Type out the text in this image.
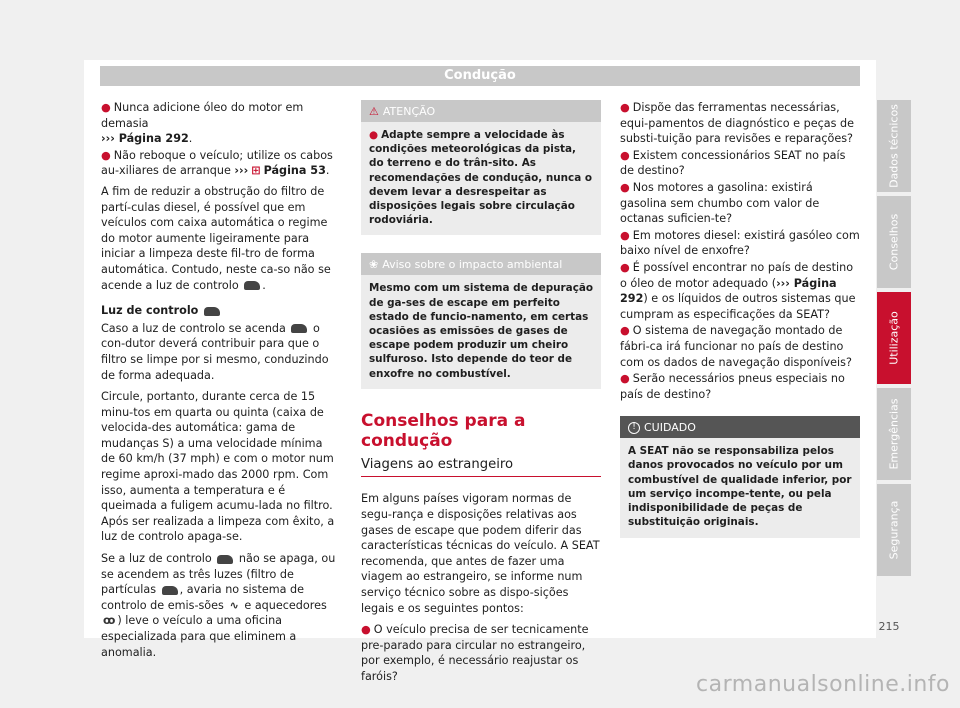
Condução

● Nunca adicione óleo do motor em demasia
››› Página 292.

● Não reboque o veículo; utilize os cabos au-xiliares de arranque ››› ⊞ Página 53.

A fim de reduzir a obstrução do filtro de partí-culas diesel, é possível que em veículos com caixa automática o regime do motor aumente ligeiramente para iniciar a limpeza deste fil-tro de forma automática. Contudo, neste ca-so não se acende a luz de controlo .

Luz de controlo

Caso a luz de controlo se acenda o con-dutor deverá contribuir para que o filtro se limpe por si mesmo, conduzindo de forma adequada.

Circule, portanto, durante cerca de 15 minu-tos em quarta ou quinta (caixa de velocida-des automática: gama de mudanças S) a uma velocidade mínima de 60 km/h (37 mph) e com o motor num regime aproxi-mado das 2000 rpm. Com isso, aumenta a temperatura e é queimada a fuligem acumu-lada no filtro. Após ser realizada a limpeza com êxito, a luz de controlo apaga-se.

Se a luz de controlo não se apaga, ou se acendem as três luzes (filtro de partículas , avaria no sistema de controlo de emis-sões ∿ e aquecedores ꝏ ) leve o veículo a uma oficina especializada para que eliminem a anomalia.

⚠ ATENÇÃO
● Adapte sempre a velocidade às condições meteorológicas da pista, do terreno e do trân-sito. As recomendações de condução, nunca o devem levar a desrespeitar as disposições legais sobre circulação rodoviária.
❀ Aviso sobre o impacto ambiental
Mesmo com um sistema de depuração de ga-ses de escape em perfeito estado de funcio-namento, em certas ocasiões as emissões de gases de escape podem produzir um cheiro sulfuroso. Isto depende do teor de enxofre no combustível.
Conselhos para a condução
Viagens ao estrangeiro

Em alguns países vigoram normas de segu-rança e disposições relativas aos gases de escape que podem diferir das características técnicas do veículo. A SEAT recomenda, que antes de fazer uma viagem ao estrangeiro, se informe num serviço técnico sobre as dispo-sições legais e os seguintes pontos:

● O veículo precisa de ser tecnicamente pre-parado para circular no estrangeiro, por exemplo, é necessário reajustar os faróis?

● Dispõe das ferramentas necessárias, equi-pamentos de diagnóstico e peças de substi-tuição para revisões e reparações?

● Existem concessionários SEAT no país de destino?

● Nos motores a gasolina: existirá gasolina sem chumbo com valor de octanas suficien-te?

● Em motores diesel: existirá gasóleo com baixo nível de enxofre?

● É possível encontrar no país de destino o óleo de motor adequado (››› Página 292) e os líquidos de outros sistemas que cumpram as especificações da SEAT?

● O sistema de navegação montado de fábri-ca irá funcionar no país de destino com os dados de navegação disponíveis?

● Serão necessários pneus especiais no país de destino?

! CUIDADO
A SEAT não se responsabiliza pelos danos provocados no veículo por um combustível de qualidade inferior, por um serviço incompe-tente, ou pela indisponibilidade de peças de substituição originais.
Dados técnicos
Conselhos
Utilização
Emergências
Segurança
215
carmanualsonline.info
